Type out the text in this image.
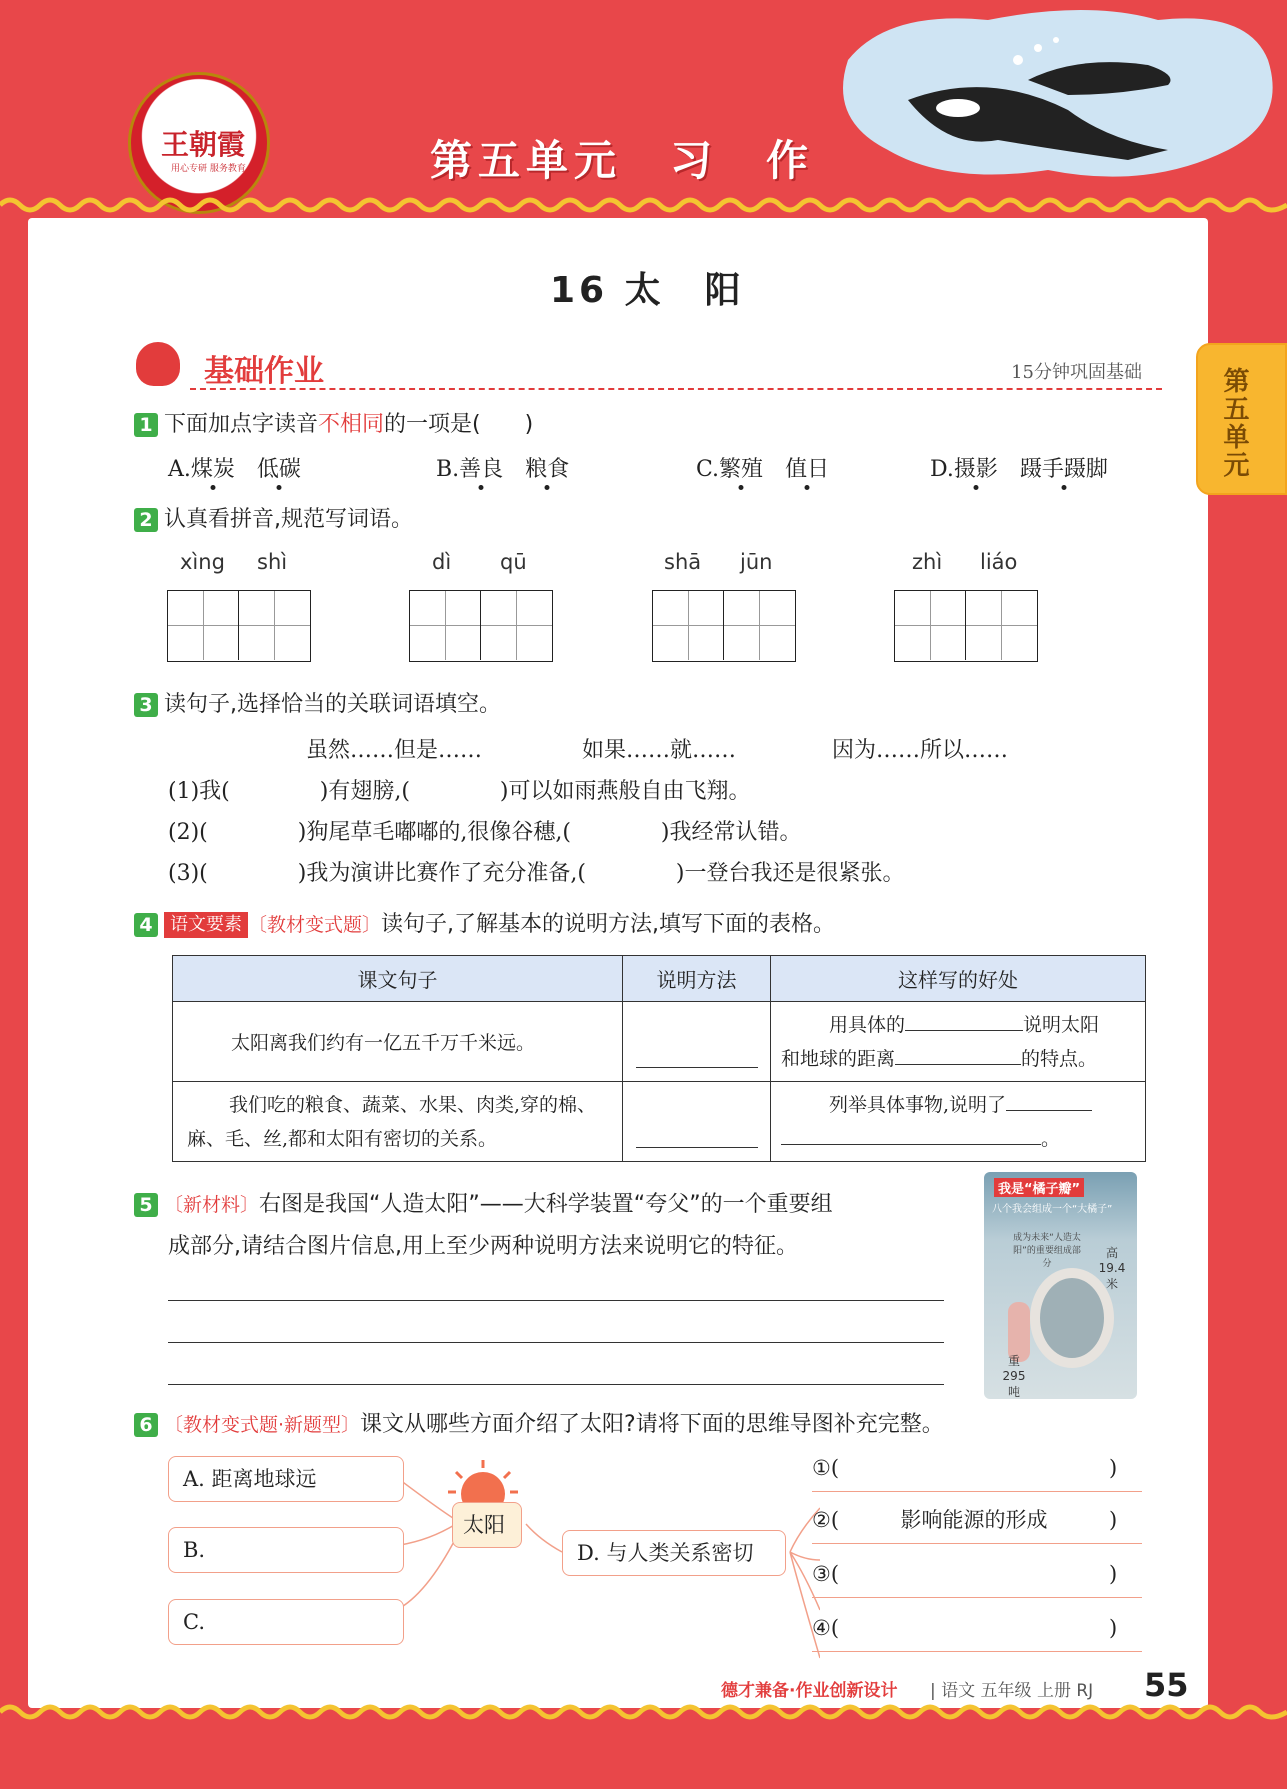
王朝霞
用心专研 服务教育	第五单元　习　作
第五单元
16 太　阳
基础作业	15分钟巩固基础
1 下面加点字读音不相同的一项是(　　)
A.煤炭　 低碳	B.善良　 粮食	C.繁殖　 值日	D.摄影　 蹑手蹑脚
2 认真看拼音,规范写词语。
xìng shì	dì qū	shā jūn	zhì liáo
3 读句子,选择恰当的关联词语填空。
虽然……但是……	如果……就……	因为……所以……
(1)我(	)有翅膀,(	)可以如雨燕般自由飞翔。
(2)(	)狗尾草毛嘟嘟的,很像谷穗,(	)我经常认错。
(3)(	)我为演讲比赛作了充分准备,(	)一登台我还是很紧张。
4 语文要素 〔教材变式题〕读句子,了解基本的说明方法,填写下面的表格。
课文句子	说明方法	这样写的好处
太阳离我们约有一亿五千万千米远。		用具体的 说明太阳
和地球的距离 的特点。

我们吃的粮食、蔬菜、水果、肉类,穿的棉、麻、毛、丝,都和太阳有密切的关系。		列举具体事物,说明了
。
5 〔新材料〕右图是我国“人造太阳”——大科学装置“夸父”的一个重要组
成部分,请结合图片信息,用上至少两种说明方法来说明它的特征。
我是“橘子瓣”
八个我会组成一个“大橘子”
成为未来“人造太阳”的重要组成部分
高 19.4 米
重 295 吨
6 〔教材变式题·新题型〕课文从哪些方面介绍了太阳?请将下面的思维导图补充完整。
A. 距离地球远
B.
C.
太阳
D. 与人类关系密切
①(	)
②(	影响能源的形成	)
③(	)
④(	)
德才兼备·作业创新设计 | 语文 五年级 上册 RJ 55
